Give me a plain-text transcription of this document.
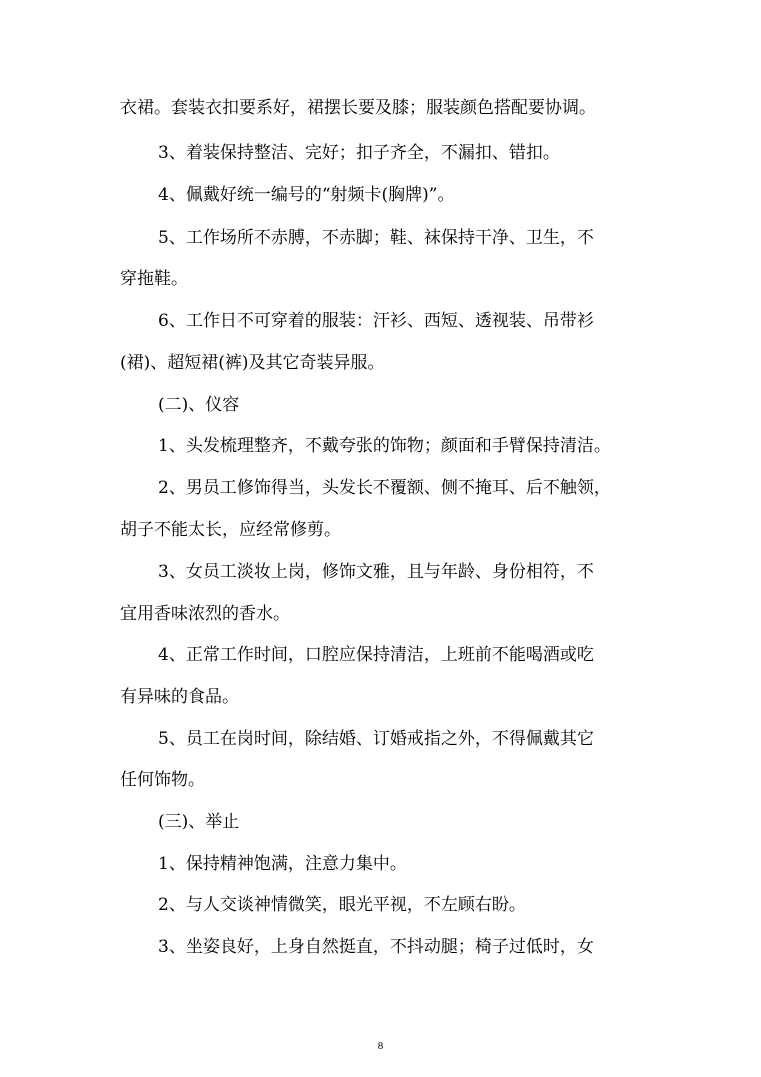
衣裙。套装衣扣要系好，裙摆长要及膝；服装颜色搭配要协调。
3、着装保持整洁、完好；扣子齐全，不漏扣、错扣。
4、佩戴好统一编号的“射频卡(胸牌)”。
5、工作场所不赤膊，不赤脚；鞋、袜保持干净、卫生，不
穿拖鞋。
6、工作日不可穿着的服装：汗衫、西短、透视装、吊带衫
(裙)、超短裙(裤)及其它奇装异服。
(二)、仪容
1、头发梳理整齐，不戴夸张的饰物；颜面和手臂保持清洁。
2、男员工修饰得当，头发长不覆额、侧不掩耳、后不触领，
胡子不能太长，应经常修剪。
3、女员工淡妆上岗，修饰文雅，且与年龄、身份相符，不
宜用香味浓烈的香水。
4、正常工作时间，口腔应保持清洁，上班前不能喝酒或吃
有异味的食品。
5、员工在岗时间，除结婚、订婚戒指之外，不得佩戴其它
任何饰物。
(三)、举止
1、保持精神饱满，注意力集中。
2、与人交谈神情微笑，眼光平视，不左顾右盼。
3、坐姿良好，上身自然挺直，不抖动腿；椅子过低时，女
8
